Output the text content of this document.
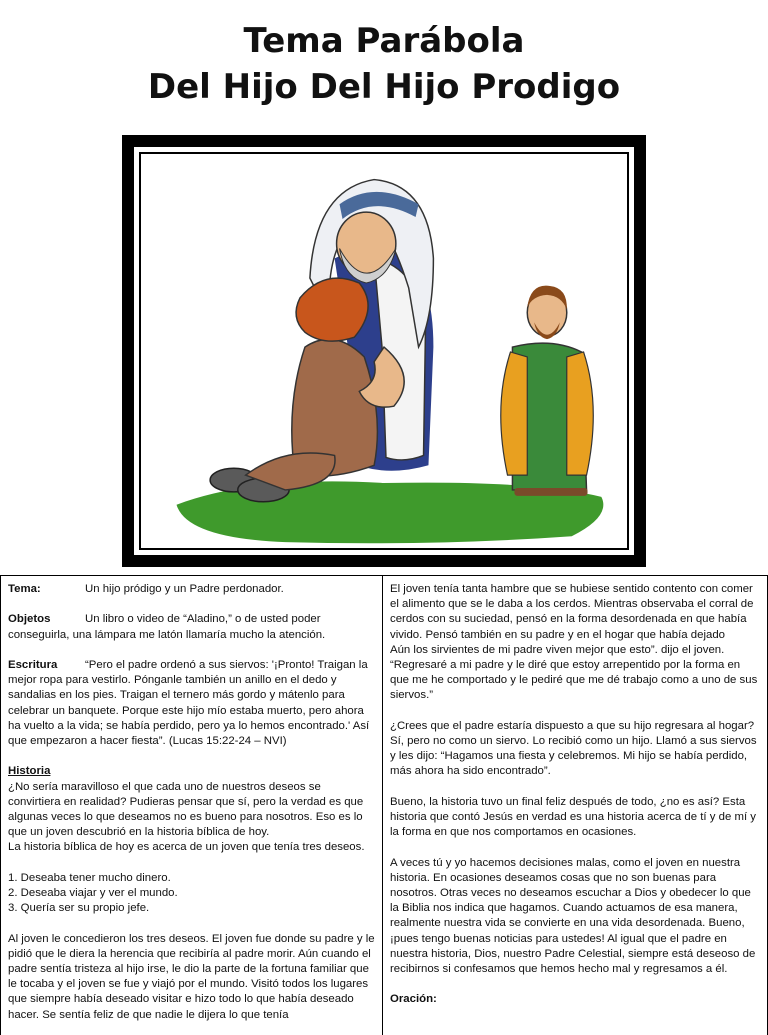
Tema Parábola
Del Hijo Del Hijo Prodigo
Tema:	Un hijo pródigo y un Padre perdonador.
Objetos	Un libro o video de “Aladino,” o de usted poder conseguirla, una lámpara me latón llamaría mucho la atención.
Escritura “Pero el padre ordenó a sus siervos: '¡Pronto! Traigan la mejor ropa para vestirlo. Pónganle también un anillo en el dedo y sandalias en los pies. Traigan el ternero más gordo y mátenlo para celebrar un banquete. Porque este hijo mío estaba muerto, pero ahora ha vuelto a la vida; se había perdido, pero ya lo hemos encontrado.' Así que empezaron a hacer fiesta”. (Lucas 15:22-24 – NVI)
Historia
¿No sería maravilloso el que cada uno de nuestros deseos se convirtiera en realidad? Pudieras pensar que sí, pero la verdad es que algunas veces lo que deseamos no es bueno para nosotros. Eso es lo que un joven descubrió en la historia bíblica de hoy.
La historia bíblica de hoy es acerca de un joven que tenía tres deseos.
1. Deseaba tener mucho dinero.
2. Deseaba viajar y ver el mundo.
3. Quería ser su propio jefe.
Al joven le concedieron los tres deseos. El joven fue donde su padre y le pidió que le diera la herencia que recibiría al padre morir. Aún cuando el padre sentía tristeza al hijo irse, le dio la parte de la fortuna familiar que le tocaba y el joven se fue y viajó por el mundo. Visitó todos los lugares que siempre había deseado visitar e hizo todo lo que había deseado hacer. Se sentía feliz de que nadie le dijera lo que tenía
El joven tenía tanta hambre que se hubiese sentido contento con comer el alimento que se le daba a los cerdos. Mientras observaba el corral de cerdos con su suciedad, pensó en la forma desordenada en que había vivido. Pensó también en su padre y en el hogar que había dejado
Aún los sirvientes de mi padre viven mejor que esto”. dijo el joven. “Regresaré a mi padre y le diré que estoy arrepentido por la forma en que me he comportado y le pediré que me dé trabajo como a uno de sus siervos.”
¿Crees que el padre estaría dispuesto a que su hijo regresara al hogar? Sí, pero no como un siervo. Lo recibió como un hijo. Llamó a sus siervos y les dijo: “Hagamos una fiesta y celebremos. Mi hijo se había perdido, más ahora ha sido encontrado”.
Bueno, la historia tuvo un final feliz después de todo, ¿no es así? Esta historia que contó Jesús en verdad es una historia acerca de tí y de mí y la forma en que nos comportamos en ocasiones.
A veces tú y yo hacemos decisiones malas, como el joven en nuestra historia. En ocasiones deseamos cosas que no son buenas para nosotros. Otras veces no deseamos escuchar a Dios y obedecer lo que la Biblia nos indica que hagamos. Cuando actuamos de esa manera, realmente nuestra vida se convierte en una vida desordenada. Bueno, ¡pues tengo buenas noticias para ustedes! Al igual que el padre en nuestra historia, Dios, nuestro Padre Celestial, siempre está deseoso de recibirnos si confesamos que hemos hecho mal y regresamos a él.
Oración:
